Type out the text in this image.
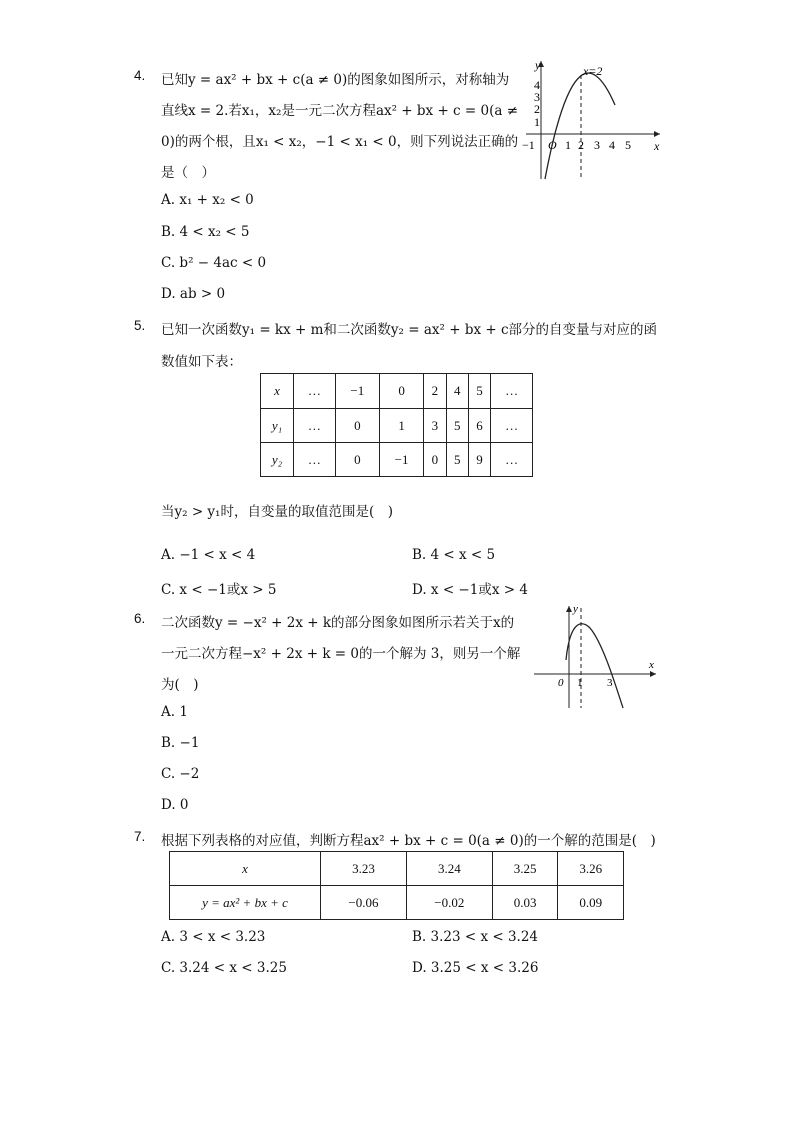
4. 已知y = ax² + bx + c(a ≠ 0)的图象如图所示，对称轴为
直线x = 2.若x₁，x₂是一元二次方程ax² + bx + c = 0(a ≠
0)的两个根，且x₁ < x₂，−1 < x₁ < 0，则下列说法正确的
是（　）
A. x₁ + x₂ < 0
B. 4 < x₂ < 5
C. b² − 4ac < 0
D. ab > 0
y
x
x=2
4
3
2
1
−1 O 1 2 3 4 5
5. 已知一次函数y₁ = kx + m和二次函数y₂ = ax² + bx + c部分的自变量与对应的函
数值如下表：
x	…	−1	0	2	4	5	…
y₁	…	0	1	3	5	6	…
y₂	…	0	−1	0	5	9	…
当y₂ > y₁时，自变量的取值范围是(　)
A. −1 < x < 4	B. 4 < x < 5
C. x < −1或x > 5	D. x < −1或x > 4
6. 二次函数y = −x² + 2x + k的部分图象如图所示若关于x的
一元二次方程−x² + 2x + k = 0的一个解为 3，则另一个解
为(　)
A. 1
B. −1
C. −2
D. 0
y
x
0 1 3
7. 根据下列表格的对应值，判断方程ax² + bx + c = 0(a ≠ 0)的一个解的范围是(　)
x	3.23	3.24	3.25	3.26
y = ax² + bx + c	−0.06	−0.02	0.03	0.09
A. 3 < x < 3.23	B. 3.23 < x < 3.24
C. 3.24 < x < 3.25	D. 3.25 < x < 3.26
